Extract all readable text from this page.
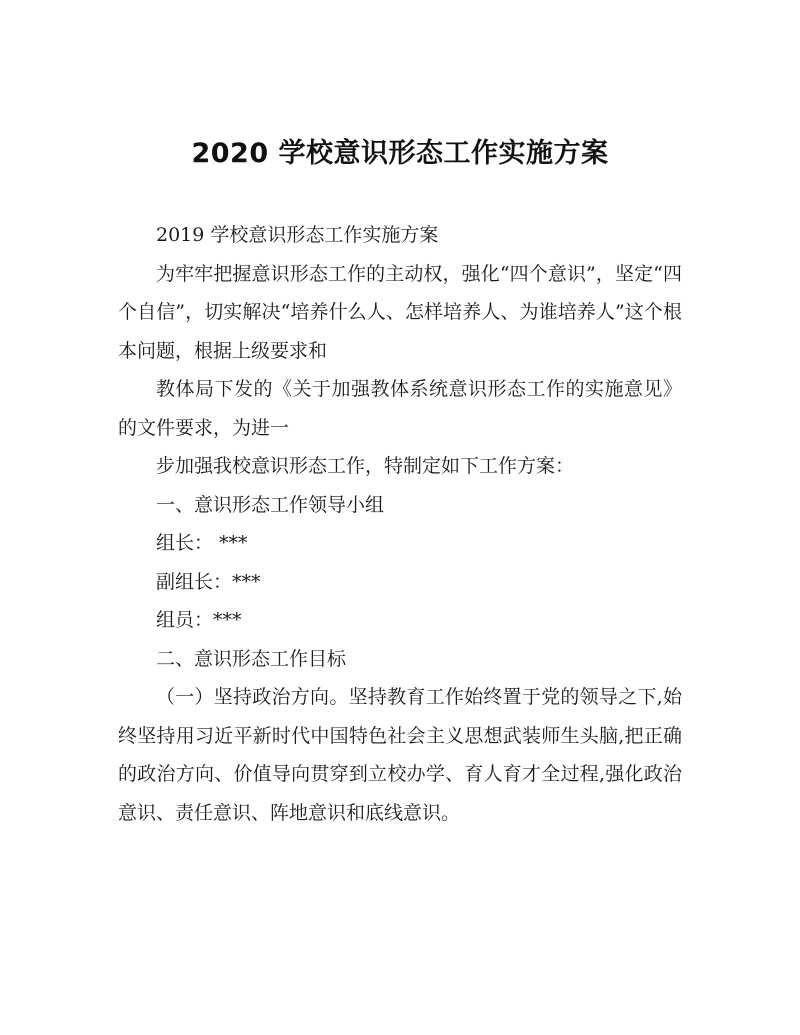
2020 学校意识形态工作实施方案

2019 学校意识形态工作实施方案

为牢牢把握意识形态工作的主动权，强化“四个意识”，坚定“四个自信”，切实解决“培养什么人、怎样培养人、为谁培养人”这个根本问题，根据上级要求和

教体局下发的《关于加强教体系统意识形态工作的实施意见》的文件要求，为进一

步加强我校意识形态工作，特制定如下工作方案：

一、意识形态工作领导小组

组长： ***

副组长：***

组员：***

二、意识形态工作目标

（一）坚持政治方向。坚持教育工作始终置于党的领导之下,始终坚持用习近平新时代中国特色社会主义思想武装师生头脑,把正确的政治方向、价值导向贯穿到立校办学、育人育才全过程,强化政治意识、责任意识、阵地意识和底线意识。
